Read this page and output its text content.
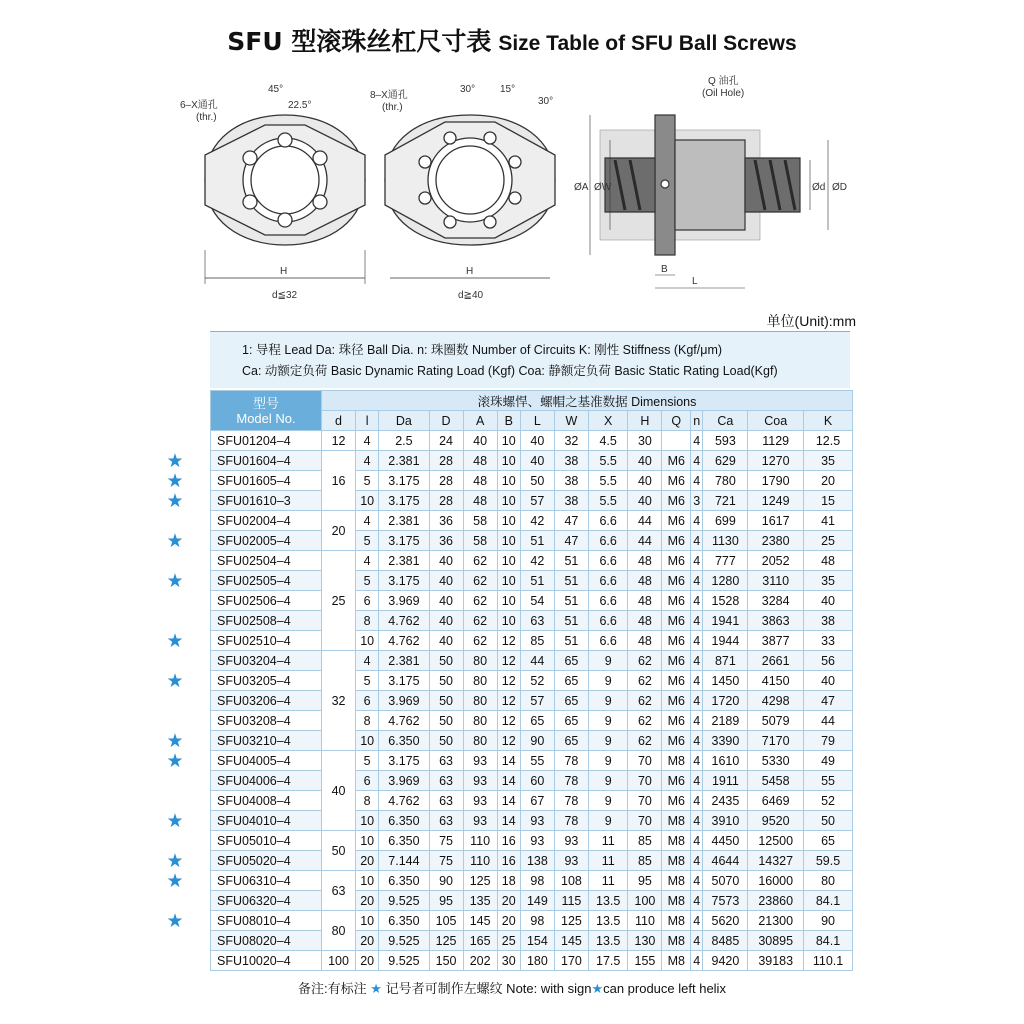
SFU 型滚珠丝杠尺寸表 Size Table of SFU Ball Screws
6–X通孔
(thr.)
45°
22.5°
H
d≦32
8–X通孔
(thr.)
30° 15°
30°
H
d≧40
Q 油孔
(Oil Hole)
ØA ØW	Ød ØD
B
L
单位(Unit):mm
1: 导程 Lead Da: 珠径 Ball Dia. n: 珠圈数 Number of Circuits K: 刚性 Stiffness (Kgf/μm)
Ca: 动额定负荷 Basic Dynamic Rating Load (Kgf) Coa: 静额定负荷 Basic Static Rating Load(Kgf)
型号
Model No.	滚珠螺悍、螺帽之基准数据 Dimensions														
	d	l	Da	D	A	B	L	W	X	H	Q	n	Ca	Coa	K
SFU01204–4	12	4	2.5	24	40	10	40	32	4.5	30		4	593	1129	12.5
SFU01604–4	16	4	2.381	28	48	10	40	38	5.5	40	M6	4	629	1270	35
SFU01605–4		5	3.175	28	48	10	50	38	5.5	40	M6	4	780	1790	20
SFU01610–3		10	3.175	28	48	10	57	38	5.5	40	M6	3	721	1249	15
SFU02004–4	20	4	2.381	36	58	10	42	47	6.6	44	M6	4	699	1617	41
SFU02005–4		5	3.175	36	58	10	51	47	6.6	44	M6	4	1130	2380	25
SFU02504–4	25	4	2.381	40	62	10	42	51	6.6	48	M6	4	777	2052	48
SFU02505–4		5	3.175	40	62	10	51	51	6.6	48	M6	4	1280	3110	35
SFU02506–4		6	3.969	40	62	10	54	51	6.6	48	M6	4	1528	3284	40
SFU02508–4		8	4.762	40	62	10	63	51	6.6	48	M6	4	1941	3863	38
SFU02510–4		10	4.762	40	62	12	85	51	6.6	48	M6	4	1944	3877	33
SFU03204–4	32	4	2.381	50	80	12	44	65	9	62	M6	4	871	2661	56
SFU03205–4		5	3.175	50	80	12	52	65	9	62	M6	4	1450	4150	40
SFU03206–4		6	3.969	50	80	12	57	65	9	62	M6	4	1720	4298	47
SFU03208–4		8	4.762	50	80	12	65	65	9	62	M6	4	2189	5079	44
SFU03210–4		10	6.350	50	80	12	90	65	9	62	M6	4	3390	7170	79
SFU04005–4	40	5	3.175	63	93	14	55	78	9	70	M8	4	1610	5330	49
SFU04006–4		6	3.969	63	93	14	60	78	9	70	M6	4	1911	5458	55
SFU04008–4		8	4.762	63	93	14	67	78	9	70	M6	4	2435	6469	52
SFU04010–4		10	6.350	63	93	14	93	78	9	70	M8	4	3910	9520	50
SFU05010–4	50	10	6.350	75	110	16	93	93	11	85	M8	4	4450	12500	65
SFU05020–4		20	7.144	75	110	16	138	93	11	85	M8	4	4644	14327	59.5
SFU06310–4	63	10	6.350	90	125	18	98	108	11	95	M8	4	5070	16000	80
SFU06320–4		20	9.525	95	135	20	149	115	13.5	100	M8	4	7573	23860	84.1
SFU08010–4	80	10	6.350	105	145	20	98	125	13.5	110	M8	4	5620	21300	90
SFU08020–4		20	9.525	125	165	25	154	145	13.5	130	M8	4	8485	30895	84.1
SFU10020–4	100	20	9.525	150	202	30	180	170	17.5	155	M8	4	9420	39183	110.1
★
★
★
★
★
★
★
★
★
★
★
★
★
备注:有标注 ★ 记号者可制作左螺纹 Note: with sign★can produce left helix
